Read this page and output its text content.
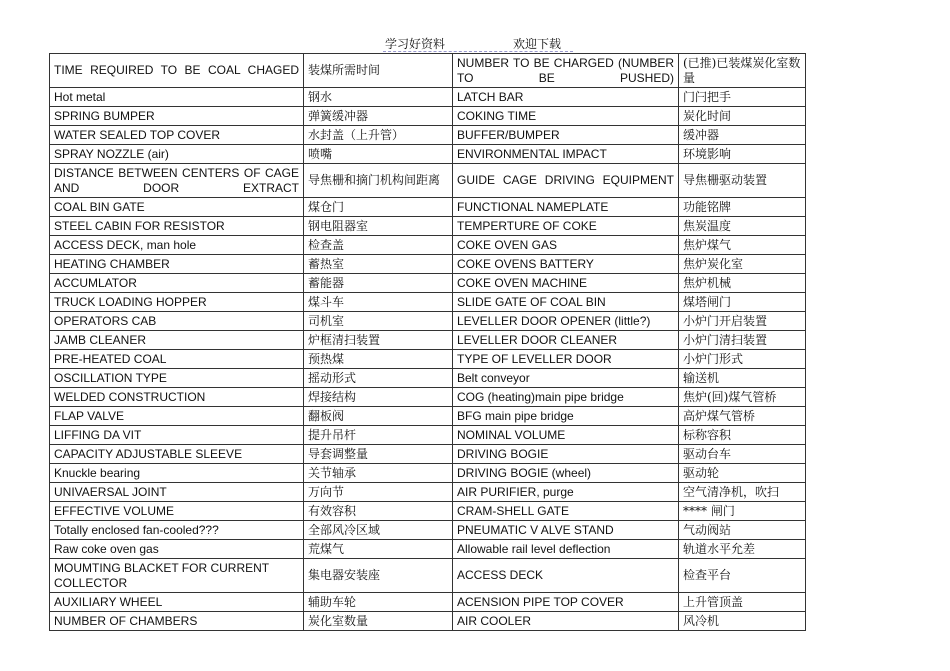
学习好资料	欢迎下载
TIME REQUIRED TO BE COAL CHAGED	装煤所需时间	NUMBER TO BE CHARGED (NUMBER TO BE PUSHED)	(已推)已装煤炭化室数量
Hot metal	钢水	LATCH BAR	门闩把手
SPRING BUMPER	弹簧缓冲器	COKING TIME	炭化时间
WATER SEALED TOP COVER	水封盖（上升管）	BUFFER/BUMPER	缓冲器
SPRAY NOZZLE (air)	喷嘴	ENVIRONMENTAL IMPACT	环境影响
DISTANCE BETWEEN CENTERS OF CAGE AND DOOR EXTRACT	导焦栅和摘门机构间距离	GUIDE CAGE DRIVING EQUIPMENT	导焦栅驱动装置
COAL BIN GATE	煤仓门	FUNCTIONAL NAMEPLATE	功能铭牌
STEEL CABIN FOR RESISTOR	钢电阻器室	TEMPERTURE OF COKE	焦炭温度
ACCESS DECK, man hole	检查盖	COKE OVEN GAS	焦炉煤气
HEATING CHAMBER	蓄热室	COKE OVENS BATTERY	焦炉炭化室
ACCUMLATOR	蓄能器	COKE OVEN MACHINE	焦炉机械
TRUCK LOADING HOPPER	煤斗车	SLIDE GATE OF COAL BIN	煤塔闸门
OPERATORS CAB	司机室	LEVELLER DOOR OPENER (little?)	小炉门开启装置
JAMB CLEANER	炉框清扫装置	LEVELLER DOOR CLEANER	小炉门清扫装置
PRE-HEATED COAL	预热煤	TYPE OF LEVELLER DOOR	小炉门形式
OSCILLATION TYPE	摇动形式	Belt conveyor	输送机
WELDED CONSTRUCTION	焊接结构	COG (heating)main pipe bridge	焦炉(回)煤气管桥
FLAP VALVE	翻板阀	BFG main pipe bridge	高炉煤气管桥
LIFFING DA VIT	提升吊杆	NOMINAL VOLUME	标称容积
CAPACITY ADJUSTABLE SLEEVE	导套调整量	DRIVING BOGIE	驱动台车
Knuckle bearing	关节轴承	DRIVING BOGIE (wheel)	驱动轮
UNIVAERSAL JOINT	万向节	AIR PURIFIER, purge	空气清净机，吹扫
EFFECTIVE VOLUME	有效容积	CRAM-SHELL GATE	**** 闸门
Totally enclosed fan-cooled???	全部风冷区域	PNEUMATIC V ALVE STAND	气动阀站
Raw coke oven gas	荒煤气	Allowable rail level deflection	轨道水平允差
MOUMTING BLACKET FOR CURRENT COLLECTOR	集电器安装座	ACCESS DECK	检查平台
AUXILIARY WHEEL	辅助车轮	ACENSION PIPE TOP COVER	上升管顶盖
NUMBER OF CHAMBERS	炭化室数量	AIR COOLER	风冷机
